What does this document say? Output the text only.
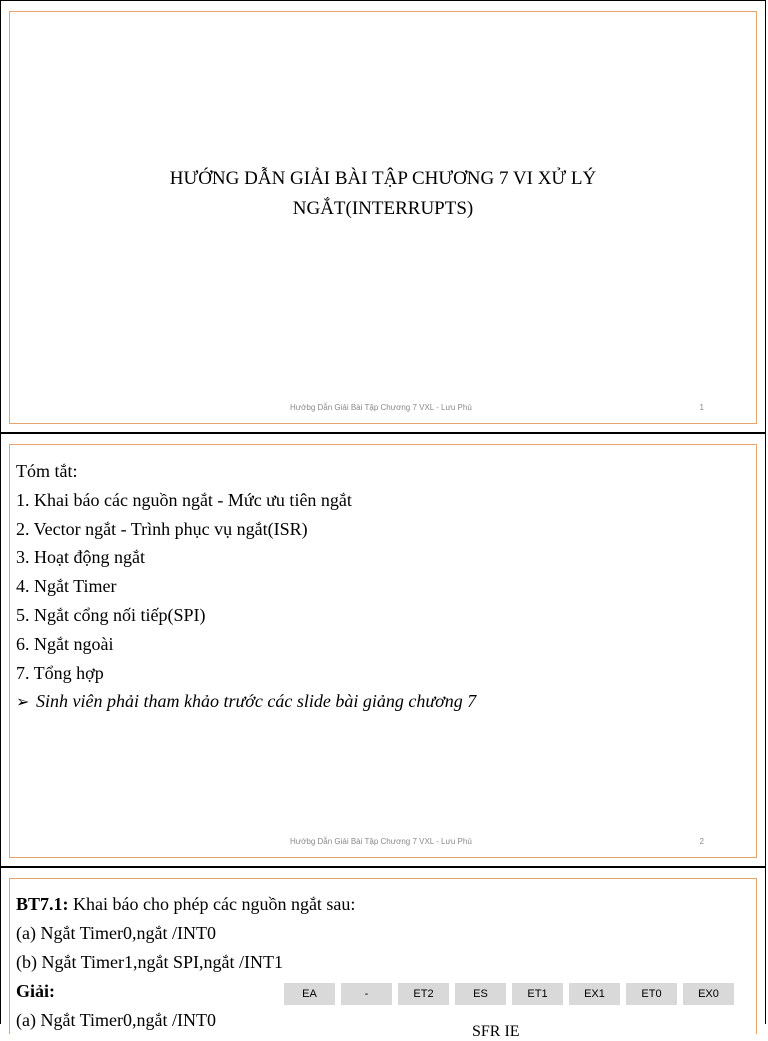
HƯỚNG DẪN GIẢI BÀI TẬP CHƯƠNG 7 VI XỬ LÝ
NGẮT(INTERRUPTS)
Hướbg Dẫn Giải Bài Tập Chương 7 VXL - Lưu Phú	1
Tóm tắt:
1. Khai báo các nguồn ngắt - Mức ưu tiên ngắt
2. Vector ngắt - Trình phục vụ ngắt(ISR)
3. Hoạt động ngắt
4. Ngắt Timer
5. Ngắt cổng nối tiếp(SPI)
6. Ngắt ngoài
7. Tổng hợp
➢ Sinh viên phải tham khảo trước các slide bài giảng chương 7
Hướbg Dẫn Giải Bài Tập Chương 7 VXL - Lưu Phú	2
BT7.1: Khai báo cho phép các nguồn ngắt sau:
(a) Ngắt Timer0,ngắt /INT0
(b) Ngắt Timer1,ngắt SPI,ngắt /INT1
Giải:
(a) Ngắt Timer0,ngắt /INT0
EA	-	ET2	ES	ET1	EX1	ET0	EX0
SFR IE
